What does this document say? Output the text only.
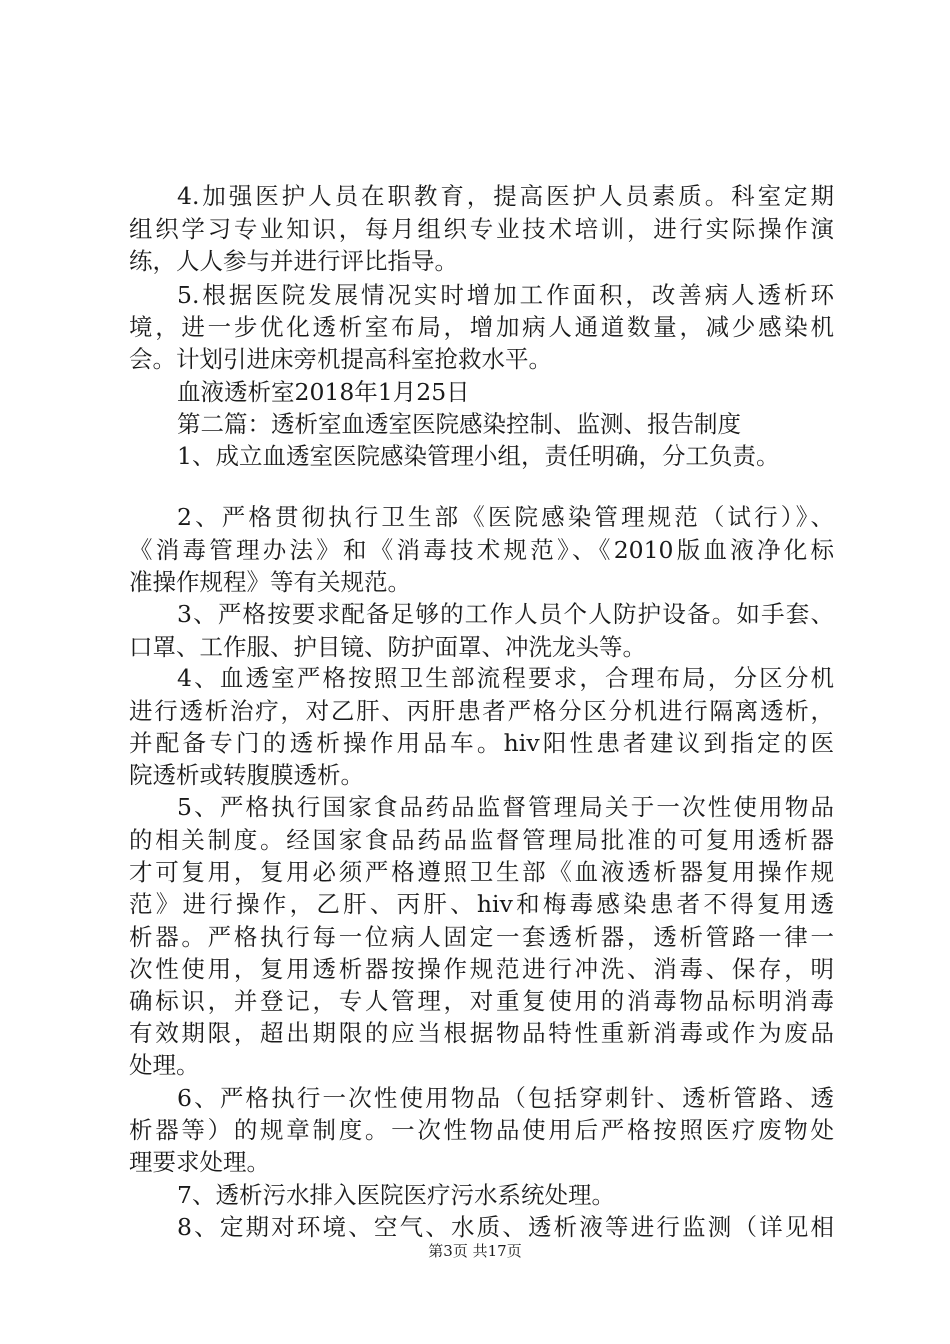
4.加强医护人员在职教育，提高医护人员素质。科室定期
组织学习专业知识，每月组织专业技术培训，进行实际操作演
练，人人参与并进行评比指导。
5.根据医院发展情况实时增加工作面积，改善病人透析环
境，进一步优化透析室布局，增加病人通道数量，减少感染机
会。计划引进床旁机提高科室抢救水平。
血液透析室2018年1月25日
第二篇：透析室血透室医院感染控制、监测、报告制度
1、成立血透室医院感染管理小组，责任明确，分工负责。
2、严格贯彻执行卫生部《医院感染管理规范（试行）》、
《消毒管理办法》和《消毒技术规范》、《2010版血液净化标
准操作规程》等有关规范。
3、严格按要求配备足够的工作人员个人防护设备。如手套、
口罩、工作服、护目镜、防护面罩、冲洗龙头等。
4、血透室严格按照卫生部流程要求，合理布局，分区分机
进行透析治疗，对乙肝、丙肝患者严格分区分机进行隔离透析，
并配备专门的透析操作用品车。hiv阳性患者建议到指定的医
院透析或转腹膜透析。
5、严格执行国家食品药品监督管理局关于一次性使用物品
的相关制度。经国家食品药品监督管理局批准的可复用透析器
才可复用，复用必须严格遵照卫生部《血液透析器复用操作规
范》进行操作，乙肝、丙肝、hiv和梅毒感染患者不得复用透
析器。严格执行每一位病人固定一套透析器，透析管路一律一
次性使用，复用透析器按操作规范进行冲洗、消毒、保存，明
确标识，并登记，专人管理，对重复使用的消毒物品标明消毒
有效期限，超出期限的应当根据物品特性重新消毒或作为废品
处理。
6、严格执行一次性使用物品（包括穿刺针、透析管路、透
析器等）的规章制度。一次性物品使用后严格按照医疗废物处
理要求处理。
7、透析污水排入医院医疗污水系统处理。
8、定期对环境、空气、水质、透析液等进行监测（详见相
第3页 共17页
